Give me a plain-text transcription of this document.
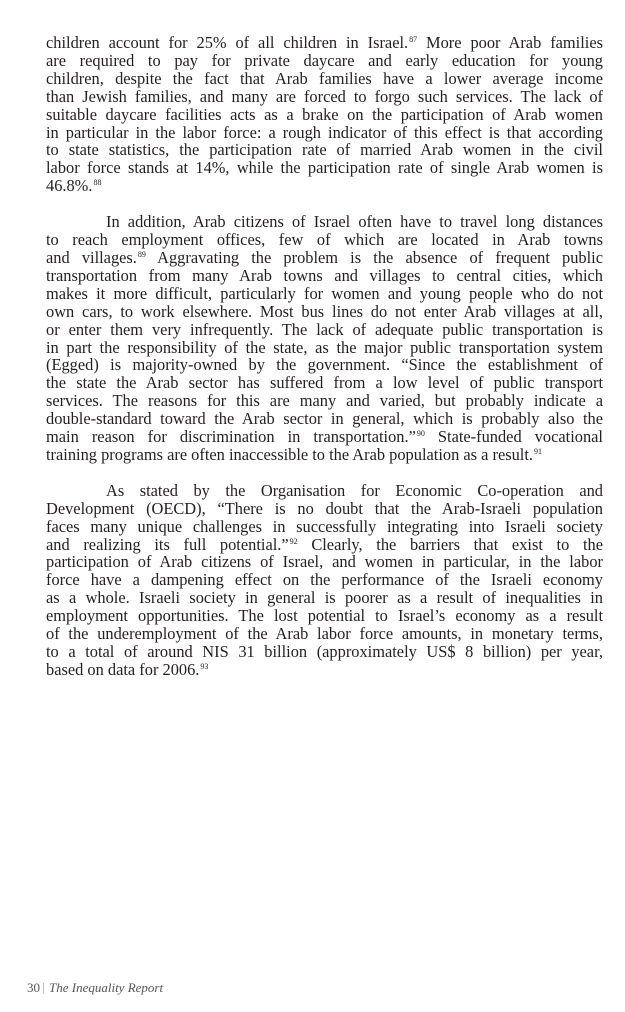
children account for 25% of all children in Israel.$^{87}$ More poor Arab families
are required to pay for private daycare and early education for young
children, despite the fact that Arab families have a lower average income
than Jewish families, and many are forced to forgo such services. The lack of
suitable daycare facilities acts as a brake on the participation of Arab women
in particular in the labor force: a rough indicator of this effect is that according
to state statistics, the participation rate of married Arab women in the civil
labor force stands at 14%, while the participation rate of single Arab women is
46.8%.$^{88}$
In addition, Arab citizens of Israel often have to travel long distances
to reach employment offices, few of which are located in Arab towns
and villages.$^{89}$ Aggravating the problem is the absence of frequent public
transportation from many Arab towns and villages to central cities, which
makes it more difficult, particularly for women and young people who do not
own cars, to work elsewhere. Most bus lines do not enter Arab villages at all,
or enter them very infrequently. The lack of adequate public transportation is
in part the responsibility of the state, as the major public transportation system
(Egged) is majority-owned by the government. “Since the establishment of
the state the Arab sector has suffered from a low level of public transport
services. The reasons for this are many and varied, but probably indicate a
double-standard toward the Arab sector in general, which is probably also the
main reason for discrimination in transportation.”$^{90}$ State-funded vocational
training programs are often inaccessible to the Arab population as a result.$^{91}$
As stated by the Organisation for Economic Co-operation and
Development (OECD), “There is no doubt that the Arab-Israeli population
faces many unique challenges in successfully integrating into Israeli society
and realizing its full potential.”$^{92}$ Clearly, the barriers that exist to the
participation of Arab citizens of Israel, and women in particular, in the labor
force have a dampening effect on the performance of the Israeli economy
as a whole. Israeli society in general is poorer as a result of inequalities in
employment opportunities. The lost potential to Israel’s economy as a result
of the underemployment of the Arab labor force amounts, in monetary terms,
to a total of around NIS 31 billion (approximately US$ 8 billion) per year,
based on data for 2006.93
30 The Inequality Report
